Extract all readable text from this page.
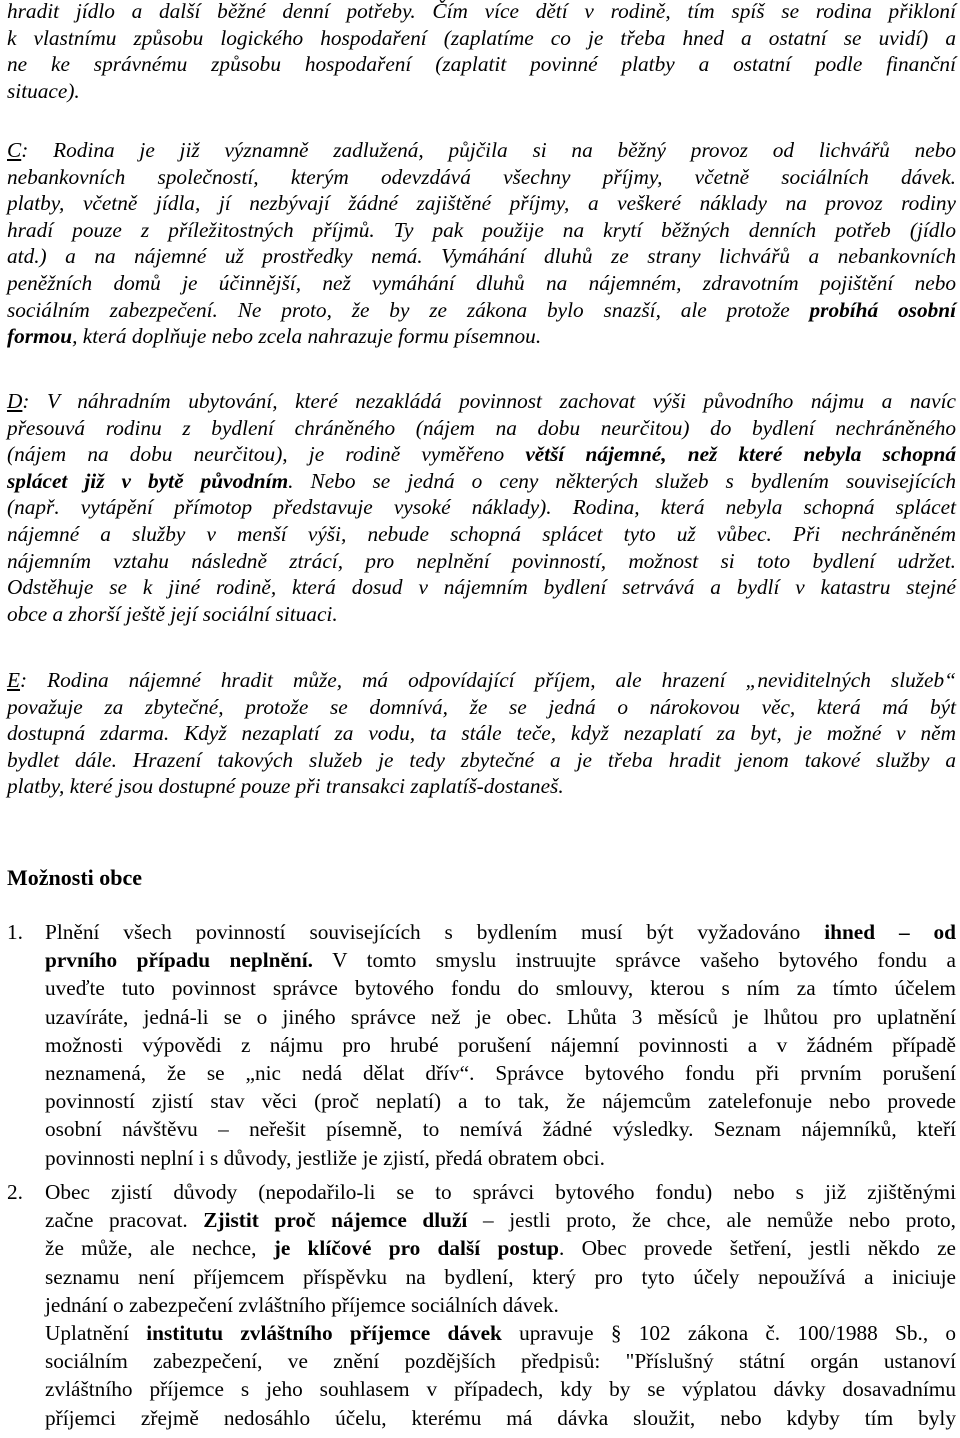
hradit jídlo a další běžné denní potřeby. Čím více dětí v rodině, tím spíš se rodina přikloní
k vlastnímu způsobu logického hospodaření (zaplatíme co je třeba hned a ostatní se uvidí) a
ne ke správnému způsobu hospodaření (zaplatit povinné platby a ostatní podle finanční
situace).
C: Rodina je již významně zadlužená, půjčila si na běžný provoz od lichvářů nebo
nebankovních společností, kterým odevzdává všechny příjmy, včetně sociálních dávek.
platby, včetně jídla, jí nezbývají žádné zajištěné příjmy, a veškeré náklady na provoz rodiny
hradí pouze z příležitostných příjmů. Ty pak použije na krytí běžných denních potřeb (jídlo
atd.) a na nájemné už prostředky nemá. Vymáhání dluhů ze strany lichvářů a nebankovních
peněžních domů je účinnější, než vymáhání dluhů na nájemném, zdravotním pojištění nebo
sociálním zabezpečení. Ne proto, že by ze zákona bylo snazší, ale protože probíhá osobní
formou, která doplňuje nebo zcela nahrazuje formu písemnou.
D: V náhradním ubytování, které nezakládá povinnost zachovat výši původního nájmu a navíc
přesouvá rodinu z bydlení chráněného (nájem na dobu neurčitou) do bydlení nechráněného
(nájem na dobu neurčitou), je rodině vyměřeno větší nájemné, než které nebyla schopná
splácet již v bytě původním. Nebo se jedná o ceny některých služeb s bydlením souvisejících
(např. vytápění přímotop představuje vysoké náklady). Rodina, která nebyla schopná splácet
nájemné a služby v menší výši, nebude schopná splácet tyto už vůbec. Při nechráněném
nájemním vztahu následně ztrácí, pro neplnění povinností, možnost si toto bydlení udržet.
Odstěhuje se k jiné rodině, která dosud v nájemním bydlení setrvává a bydlí v katastru stejné
obce a zhorší ještě její sociální situaci.
E: Rodina nájemné hradit může, má odpovídající příjem, ale hrazení „neviditelných služeb“
považuje za zbytečné, protože se domnívá, že se jedná o nárokovou věc, která má být
dostupná zdarma. Když nezaplatí za vodu, ta stále teče, když nezaplatí za byt, je možné v něm
bydlet dále. Hrazení takových služeb je tedy zbytečné a je třeba hradit jenom takové služby a
platby, které jsou dostupné pouze při transakci zaplatíš-dostaneš.
Možnosti obce
1. Plnění všech povinností souvisejících s bydlením musí být vyžadováno ihned – od
prvního případu neplnění. V tomto smyslu instruujte správce vašeho bytového fondu a
uveďte tuto povinnost správce bytového fondu do smlouvy, kterou s ním za tímto účelem
uzavíráte, jedná-li se o jiného správce než je obec. Lhůta 3 měsíců je lhůtou pro uplatnění
možnosti výpovědi z nájmu pro hrubé porušení nájemní povinnosti a v žádném případě
neznamená, že se „nic nedá dělat dřív“. Správce bytového fondu při prvním porušení
povinností zjistí stav věci (proč neplatí) a to tak, že nájemcům zatelefonuje nebo provede
osobní návštěvu – neřešit písemně, to nemívá žádné výsledky. Seznam nájemníků, kteří
povinnosti neplní i s důvody, jestliže je zjistí, předá obratem obci.
2. Obec zjistí důvody (nepodařilo-li se to správci bytového fondu) nebo s již zjištěnými
začne pracovat. Zjistit proč nájemce dluží – jestli proto, že chce, ale nemůže nebo proto,
že může, ale nechce, je klíčové pro další postup. Obec provede šetření, jestli někdo ze
seznamu není příjemcem příspěvku na bydlení, který pro tyto účely nepoužívá a iniciuje
jednání o zabezpečení zvláštního příjemce sociálních dávek.
Uplatnění institutu zvláštního příjemce dávek upravuje § 102 zákona č. 100/1988 Sb., o
sociálním zabezpečení, ve znění pozdějších předpisů: "Příslušný státní orgán ustanoví
zvláštního příjemce s jeho souhlasem v případech, kdy by se výplatou dávky dosavadnímu
příjemci zřejmě nedosáhlo účelu, kterému má dávka sloužit, nebo kdyby tím byly
